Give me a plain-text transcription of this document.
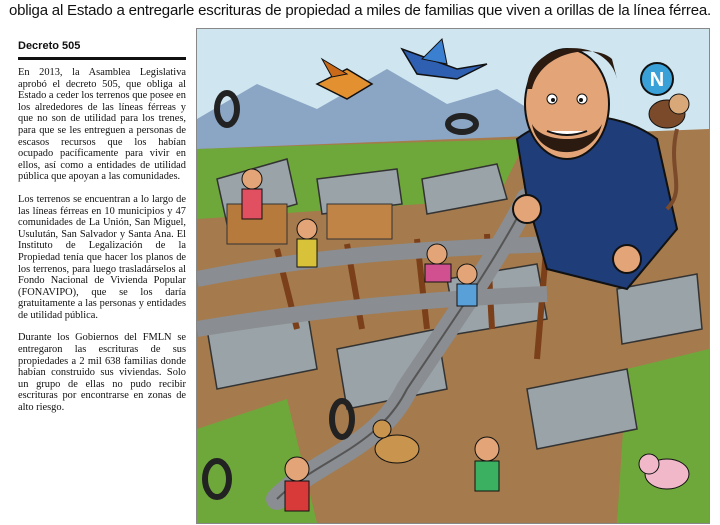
obliga al Estado a entregarle escrituras de propiedad a miles de familias que viven a orillas de la línea férrea.
Decreto 505

En 2013, la Asamblea Legislativa aprobó el decreto 505, que obliga al Estado a ceder los terrenos que posee en los alrededores de las líneas férreas y que no son de utilidad para los trenes, para que se les entreguen a personas de escasos recursos que los habían ocupado pacíficamente para vivir en ellos, así como a entidades de utilidad pública que apoyan a las comunidades.

Los terrenos se encuentran a lo largo de las líneas férreas en 10 municipios y 47 comunidades de La Unión, San Miguel, Usulután, San Salvador y Santa Ana. El Instituto de Legalización de la Propiedad tenía que hacer los planos de los terrenos, para luego trasladárselos al Fondo Nacional de Vivienda Popular (FONAVIPO), que se los daría gratuitamente a las personas y entidades de utilidad pública.

Durante los Gobiernos del FMLN se entregaron las escrituras de sus propiedades a 2 mil 638 familias donde habían construido sus viviendas. Solo un grupo de ellas no pudo recibir escrituras por encontrarse en zonas de alto riesgo.

N
